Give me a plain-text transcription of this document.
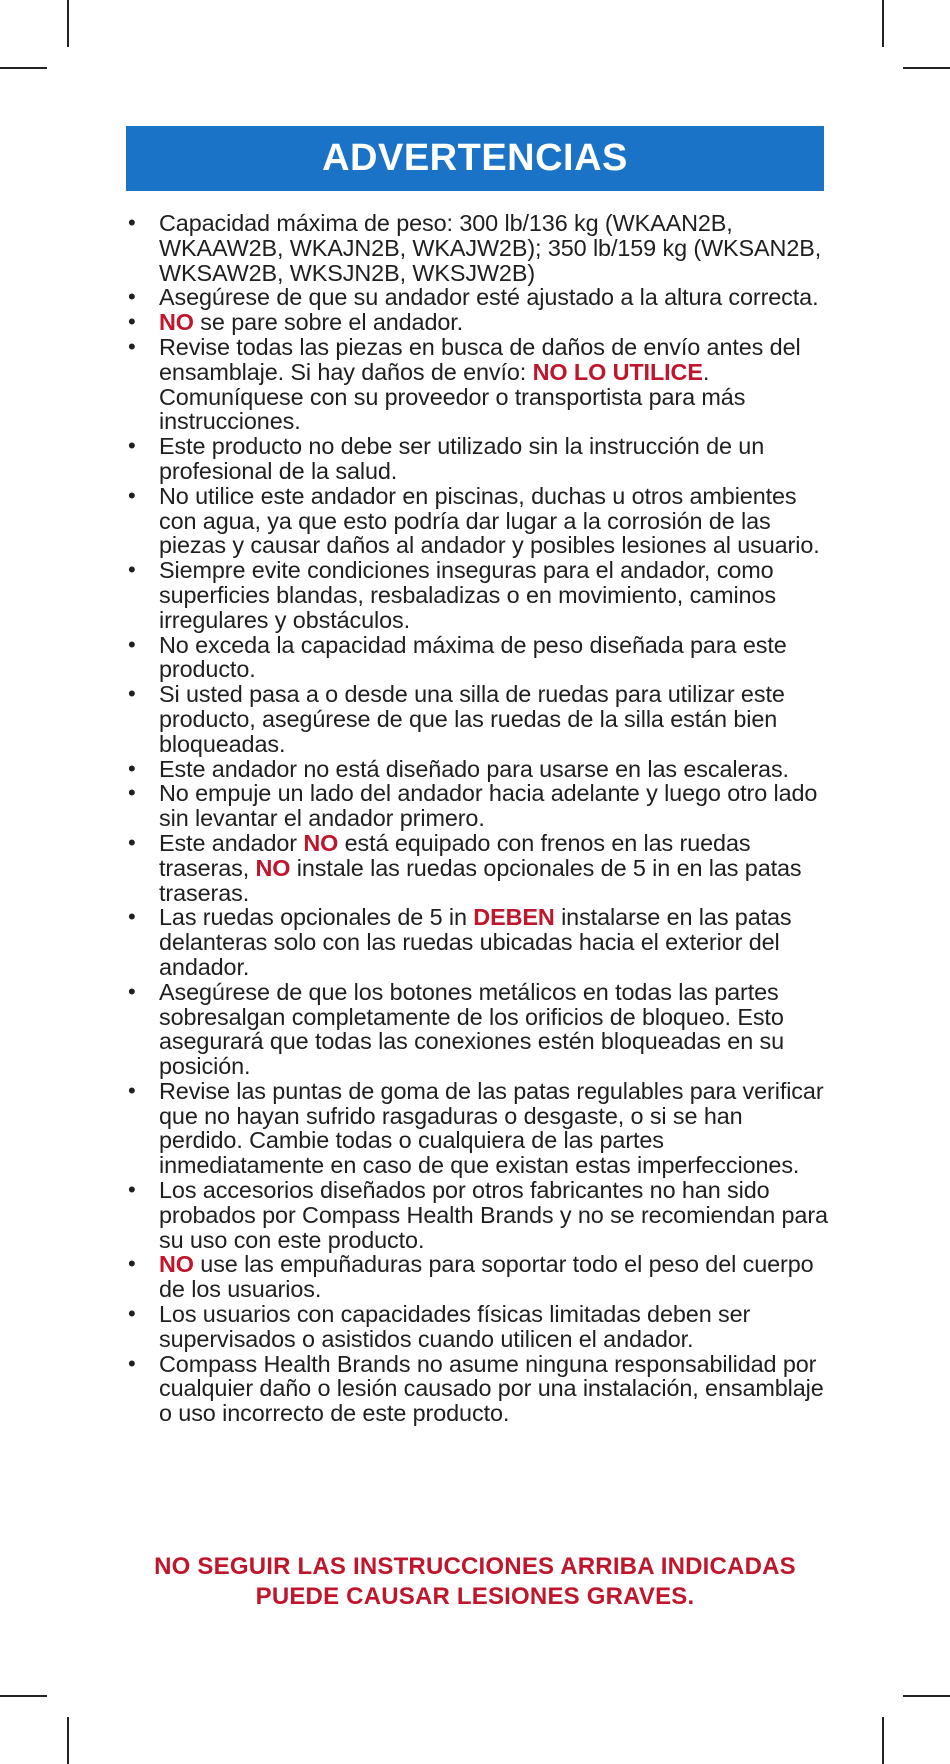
ADVERTENCIAS
• Capacidad máxima de peso: 300 lb/136 kg (WKAAN2B, WKAAW2B, WKAJN2B, WKAJW2B); 350 lb/159 kg (WKSAN2B, WKSAW2B, WKSJN2B, WKSJW2B)
• Asegúrese de que su andador esté ajustado a la altura correcta.
• NO se pare sobre el andador.
• Revise todas las piezas en busca de daños de envío antes del ensamblaje. Si hay daños de envío: NO LO UTILICE. Comuníquese con su proveedor o transportista para más instrucciones.
• Este producto no debe ser utilizado sin la instrucción de un profesional de la salud.
• No utilice este andador en piscinas, duchas u otros ambientes con agua, ya que esto podría dar lugar a la corrosión de las piezas y causar daños al andador y posibles lesiones al usuario.
• Siempre evite condiciones inseguras para el andador, como superficies blandas, resbaladizas o en movimiento, caminos irregulares y obstáculos.
• No exceda la capacidad máxima de peso diseñada para este producto.
• Si usted pasa a o desde una silla de ruedas para utilizar este producto, asegúrese de que las ruedas de la silla están bien bloqueadas.
• Este andador no está diseñado para usarse en las escaleras.
• No empuje un lado del andador hacia adelante y luego otro lado sin levantar el andador primero.
• Este andador NO está equipado con frenos en las ruedas traseras, NO instale las ruedas opcionales de 5 in en las patas traseras.
• Las ruedas opcionales de 5 in DEBEN instalarse en las patas delanteras solo con las ruedas ubicadas hacia el exterior del andador.
• Asegúrese de que los botones metálicos en todas las partes sobresalgan completamente de los orificios de bloqueo. Esto asegurará que todas las conexiones estén bloqueadas en su posición.
• Revise las puntas de goma de las patas regulables para verificar que no hayan sufrido rasgaduras o desgaste, o si se han perdido. Cambie todas o cualquiera de las partes inmediatamente en caso de que existan estas imperfecciones.
• Los accesorios diseñados por otros fabricantes no han sido probados por Compass Health Brands y no se recomiendan para su uso con este producto.
• NO use las empuñaduras para soportar todo el peso del cuerpo de los usuarios.
• Los usuarios con capacidades físicas limitadas deben ser supervisados o asistidos cuando utilicen el andador.
• Compass Health Brands no asume ninguna responsabilidad por cualquier daño o lesión causado por una instalación, ensamblaje o uso incorrecto de este producto.
NO SEGUIR LAS INSTRUCCIONES ARRIBA INDICADAS
PUEDE CAUSAR LESIONES GRAVES.
